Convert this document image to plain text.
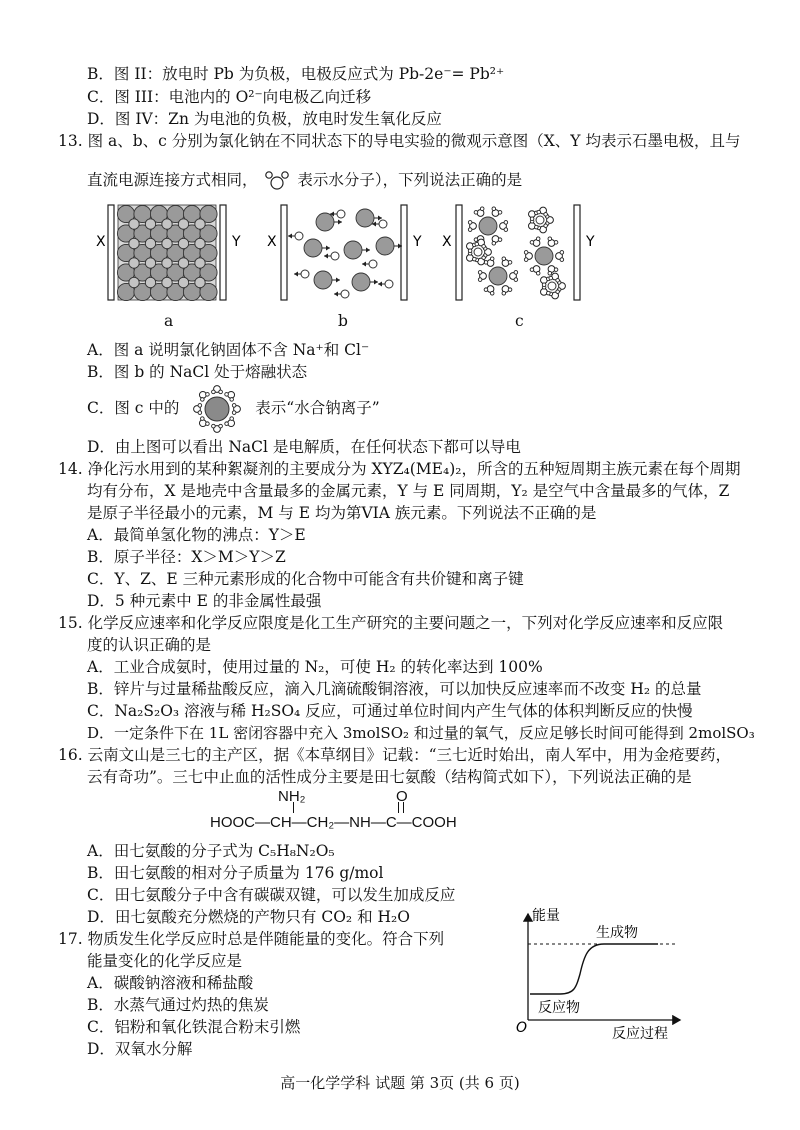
B．图 II：放电时 Pb 为负极，电极反应式为 Pb-2e⁻= Pb²⁺
C．图 III：电池内的 O²⁻向电极乙向迁移
D．图 IV：Zn 为电池的负极，放电时发生氧化反应
13. 图 a、b、c 分别为氯化钠在不同状态下的导电实验的微观示意图（X、Y 均表示石墨电极，且与
直流电源连接方式相同，	表示水分子），下列说法正确的是
X	Y
a
X	Y
b
X	Y
c
A．图 a 说明氯化钠固体不含 Na⁺和 Cl⁻
B．图 b 的 NaCl 处于熔融状态
C．图 c 中的	表示“水合钠离子”
D．由上图可以看出 NaCl 是电解质，在任何状态下都可以导电
14. 净化污水用到的某种絮凝剂的主要成分为 XYZ₄(ME₄)₂，所含的五种短周期主族元素在每个周期
均有分布，X 是地壳中含量最多的金属元素，Y 与 E 同周期，Y₂ 是空气中含量最多的气体，Z
是原子半径最小的元素，M 与 E 均为第VIA 族元素。下列说法不正确的是
A．最简单氢化物的沸点：Y＞E
B．原子半径：X＞M＞Y＞Z
C．Y、Z、E 三种元素形成的化合物中可能含有共价键和离子键
D．5 种元素中 E 的非金属性最强
15. 化学反应速率和化学反应限度是化工生产研究的主要问题之一，下列对化学反应速率和反应限
度的认识正确的是
A．工业合成氨时，使用过量的 N₂，可使 H₂ 的转化率达到 100%
B．锌片与过量稀盐酸反应，滴入几滴硫酸铜溶液，可以加快反应速率而不改变 H₂ 的总量
C．Na₂S₂O₃ 溶液与稀 H₂SO₄ 反应，可通过单位时间内产生气体的体积判断反应的快慢
D．一定条件下在 1L 密闭容器中充入 3molSO₂ 和过量的氧气，反应足够长时间可能得到 2molSO₃
16. 云南文山是三七的主产区，据《本草纲目》记载：“三七近时始出，南人军中，用为金疮要药，
云有奇功”。三七中止血的活性成分主要是田七氨酸（结构简式如下），下列说法正确的是
NH₂	O
HOOC—CH—CH₂—NH—C—COOH
A．田七氨酸的分子式为 C₅H₈N₂O₅
B．田七氨酸的相对分子质量为 176 g/mol
C．田七氨酸分子中含有碳碳双键，可以发生加成反应
D．田七氨酸充分燃烧的产物只有 CO₂ 和 H₂O
17. 物质发生化学反应时总是伴随能量的变化。符合下列
能量变化的化学反应是
A．碳酸钠溶液和稀盐酸
B．水蒸气通过灼热的焦炭
C．铝粉和氧化铁混合粉末引燃
D．双氧水分解
能量
反应过程
O
生成物
反应物
高一化学学科 试题 第 3页 (共 6 页)
